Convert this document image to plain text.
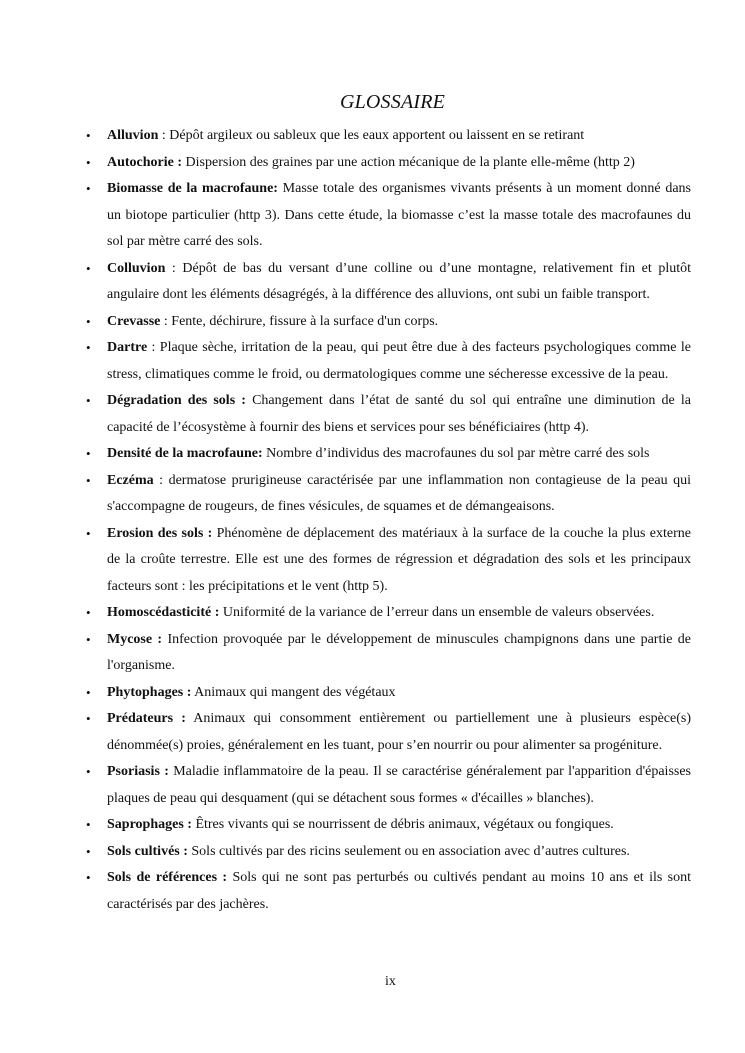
GLOSSAIRE
• Alluvion : Dépôt argileux ou sableux que les eaux apportent ou laissent en se retirant
• Autochorie : Dispersion des graines par une action mécanique de la plante elle-même (http 2)
• Biomasse de la macrofaune: Masse totale des organismes vivants présents à un moment donné dans un biotope particulier (http 3). Dans cette étude, la biomasse c’est la masse totale des macrofaunes du sol par mètre carré des sols.
• Colluvion : Dépôt de bas du versant d’une colline ou d’une montagne, relativement fin et plutôt angulaire dont les éléments désagrégés, à la différence des alluvions, ont subi un faible transport.
• Crevasse : Fente, déchirure, fissure à la surface d'un corps.
• Dartre : Plaque sèche, irritation de la peau, qui peut être due à des facteurs psychologiques comme le stress, climatiques comme le froid, ou dermatologiques comme une sécheresse excessive de la peau.
• Dégradation des sols : Changement dans l’état de santé du sol qui entraîne une diminution de la capacité de l’écosystème à fournir des biens et services pour ses bénéficiaires (http 4).
• Densité de la macrofaune: Nombre d’individus des macrofaunes du sol par mètre carré des sols
• Eczéma : dermatose prurigineuse caractérisée par une inflammation non contagieuse de la peau qui s'accompagne de rougeurs, de fines vésicules, de squames et de démangeaisons.
• Erosion des sols : Phénomène de déplacement des matériaux à la surface de la couche la plus externe de la croûte terrestre. Elle est une des formes de régression et dégradation des sols et les principaux facteurs sont : les précipitations et le vent (http 5).
• Homoscédasticité : Uniformité de la variance de l’erreur dans un ensemble de valeurs observées.
• Mycose : Infection provoquée par le développement de minuscules champignons dans une partie de l'organisme.
• Phytophages : Animaux qui mangent des végétaux
• Prédateurs : Animaux qui consomment entièrement ou partiellement une à plusieurs espèce(s) dénommée(s) proies, généralement en les tuant, pour s’en nourrir ou pour alimenter sa progéniture.
• Psoriasis : Maladie inflammatoire de la peau. Il se caractérise généralement par l'apparition d'épaisses plaques de peau qui desquament (qui se détachent sous formes « d'écailles » blanches).
• Saprophages : Êtres vivants qui se nourrissent de débris animaux, végétaux ou fongiques.
• Sols cultivés : Sols cultivés par des ricins seulement ou en association avec d’autres cultures.
• Sols de références : Sols qui ne sont pas perturbés ou cultivés pendant au moins 10 ans et ils sont caractérisés par des jachères.
ix
